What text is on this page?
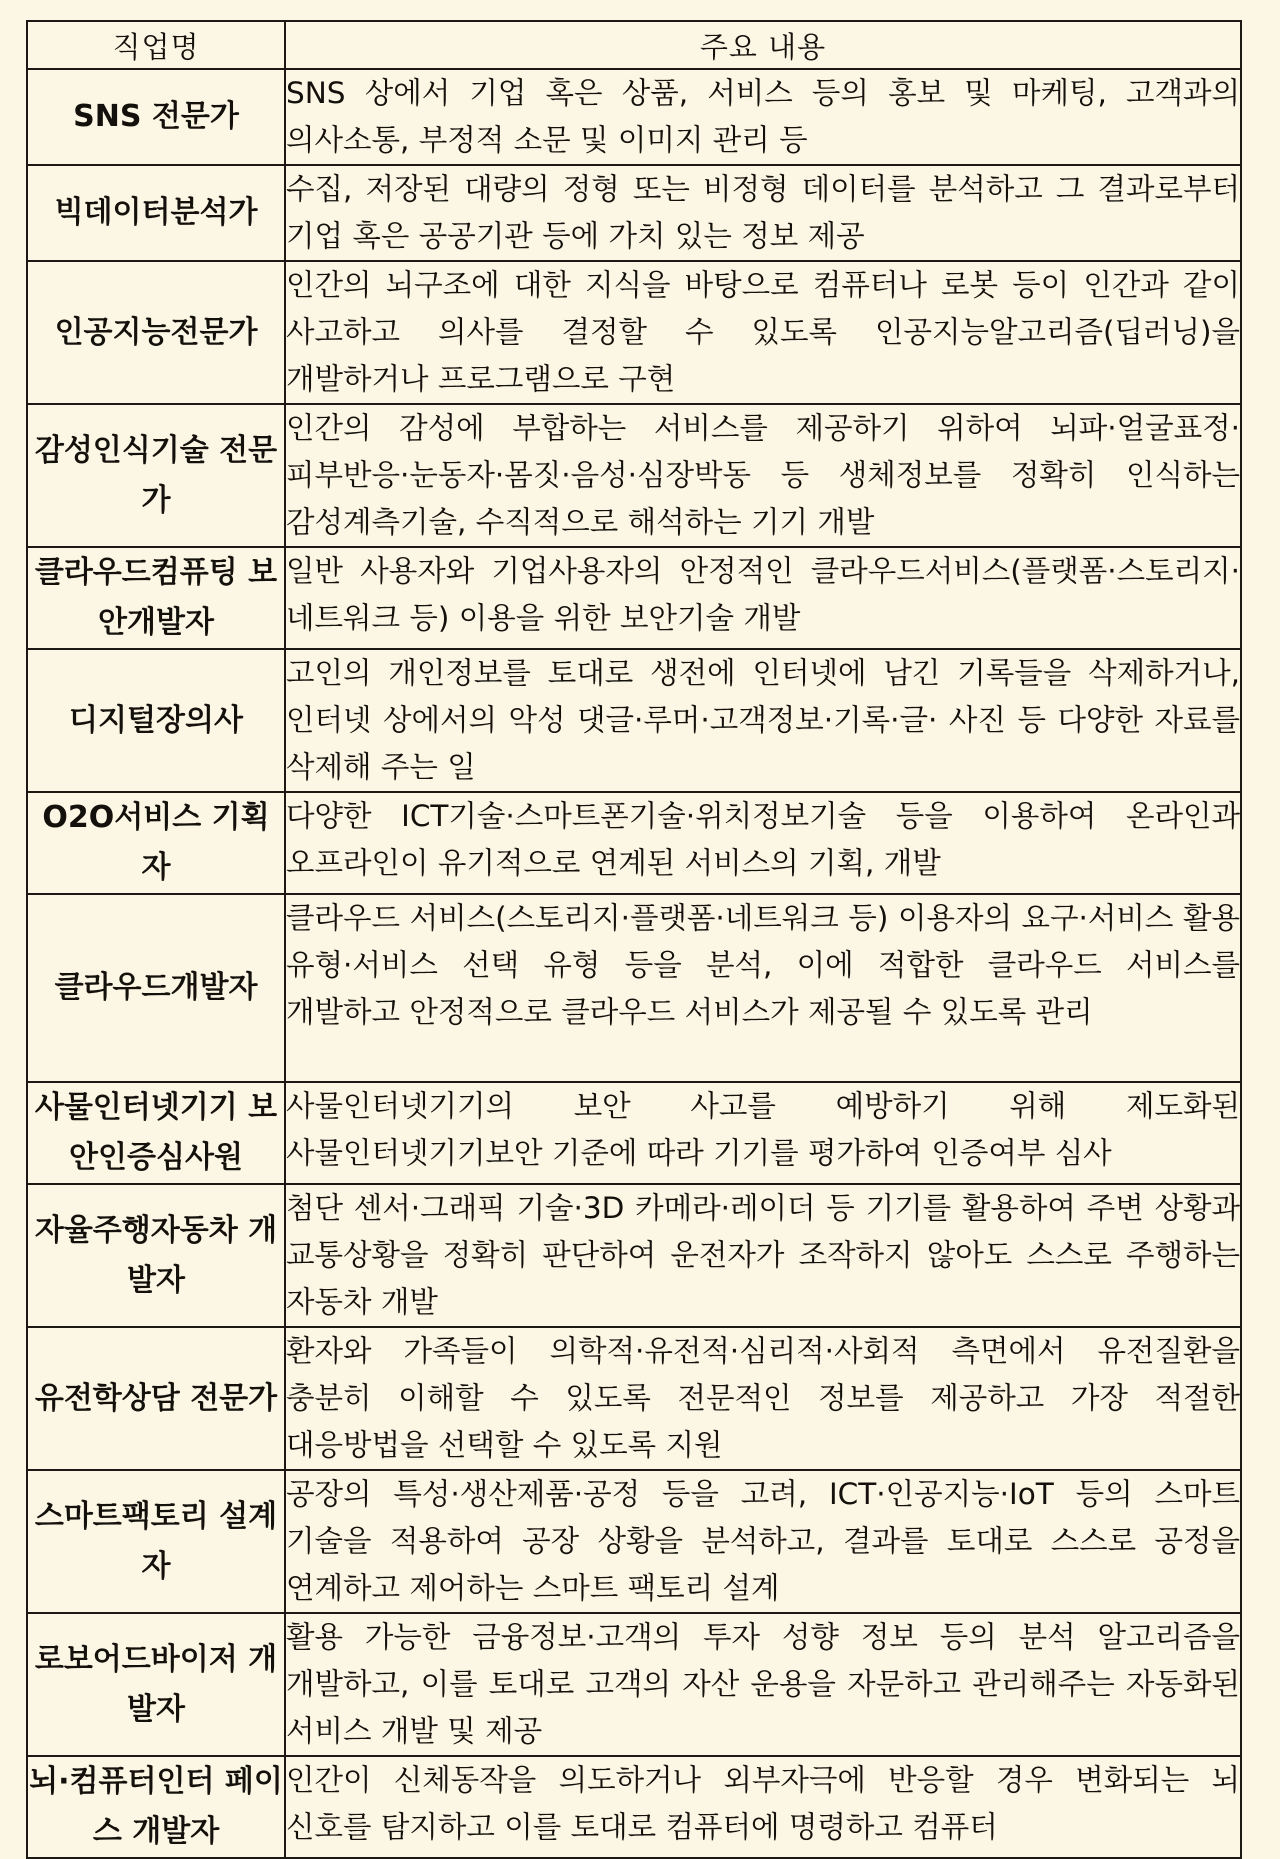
직업명	주요 내용
SNS 전문가	SNS 상에서 기업 혹은 상품, 서비스 등의 홍보 및 마케팅, 고객과의 의사소통, 부정적 소문 및 이미지 관리 등
빅데이터분석가	수집, 저장된 대량의 정형 또는 비정형 데이터를 분석하고 그 결과로부터 기업 혹은 공공기관 등에 가치 있는 정보 제공
인공지능전문가	인간의 뇌구조에 대한 지식을 바탕으로 컴퓨터나 로봇 등이 인간과 같이 사고하고 의사를 결정할 수 있도록 인공지능알고리즘(딥러닝)을 개발하거나 프로그램으로 구현
감성인식기술 전문가	인간의 감성에 부합하는 서비스를 제공하기 위하여 뇌파·얼굴표정·피부반응·눈동자·몸짓·음성·심장박동 등 생체정보를 정확히 인식하는 감성계측기술, 수직적으로 해석하는 기기 개발
클라우드컴퓨팅 보안개발자	일반 사용자와 기업사용자의 안정적인 클라우드서비스(플랫폼·스토리지·네트워크 등) 이용을 위한 보안기술 개발
디지털장의사	고인의 개인정보를 토대로 생전에 인터넷에 남긴 기록들을 삭제하거나, 인터넷 상에서의 악성 댓글·루머·고객정보·기록·글· 사진 등 다양한 자료를 삭제해 주는 일
O2O서비스 기획자	다양한 ICT기술·스마트폰기술·위치정보기술 등을 이용하여 온라인과 오프라인이 유기적으로 연계된 서비스의 기획, 개발
클라우드개발자	클라우드 서비스(스토리지·플랫폼·네트워크 등) 이용자의 요구·서비스 활용 유형·서비스 선택 유형 등을 분석, 이에 적합한 클라우드 서비스를 개발하고 안정적으로 클라우드 서비스가 제공될 수 있도록 관리
사물인터넷기기 보안인증심사원	사물인터넷기기의 보안 사고를 예방하기 위해 제도화된 사물인터넷기기보안 기준에 따라 기기를 평가하여 인증여부 심사
자율주행자동차 개발자	첨단 센서·그래픽 기술·3D 카메라·레이더 등 기기를 활용하여 주변 상황과 교통상황을 정확히 판단하여 운전자가 조작하지 않아도 스스로 주행하는 자동차 개발
유전학상담 전문가	환자와 가족들이 의학적·유전적·심리적·사회적 측면에서 유전질환을 충분히 이해할 수 있도록 전문적인 정보를 제공하고 가장 적절한 대응방법을 선택할 수 있도록 지원
스마트팩토리 설계자	공장의 특성·생산제품·공정 등을 고려, ICT·인공지능·IoT 등의 스마트 기술을 적용하여 공장 상황을 분석하고, 결과를 토대로 스스로 공정을 연계하고 제어하는 스마트 팩토리 설계
로보어드바이저 개발자	활용 가능한 금융정보·고객의 투자 성향 정보 등의 분석 알고리즘을 개발하고, 이를 토대로 고객의 자산 운용을 자문하고 관리해주는 자동화된 서비스 개발 및 제공
뇌·컴퓨터인터 페이스 개발자	인간이 신체동작을 의도하거나 외부자극에 반응할 경우 변화되는 뇌 신호를 탐지하고 이를 토대로 컴퓨터에 명령하고 컴퓨터
